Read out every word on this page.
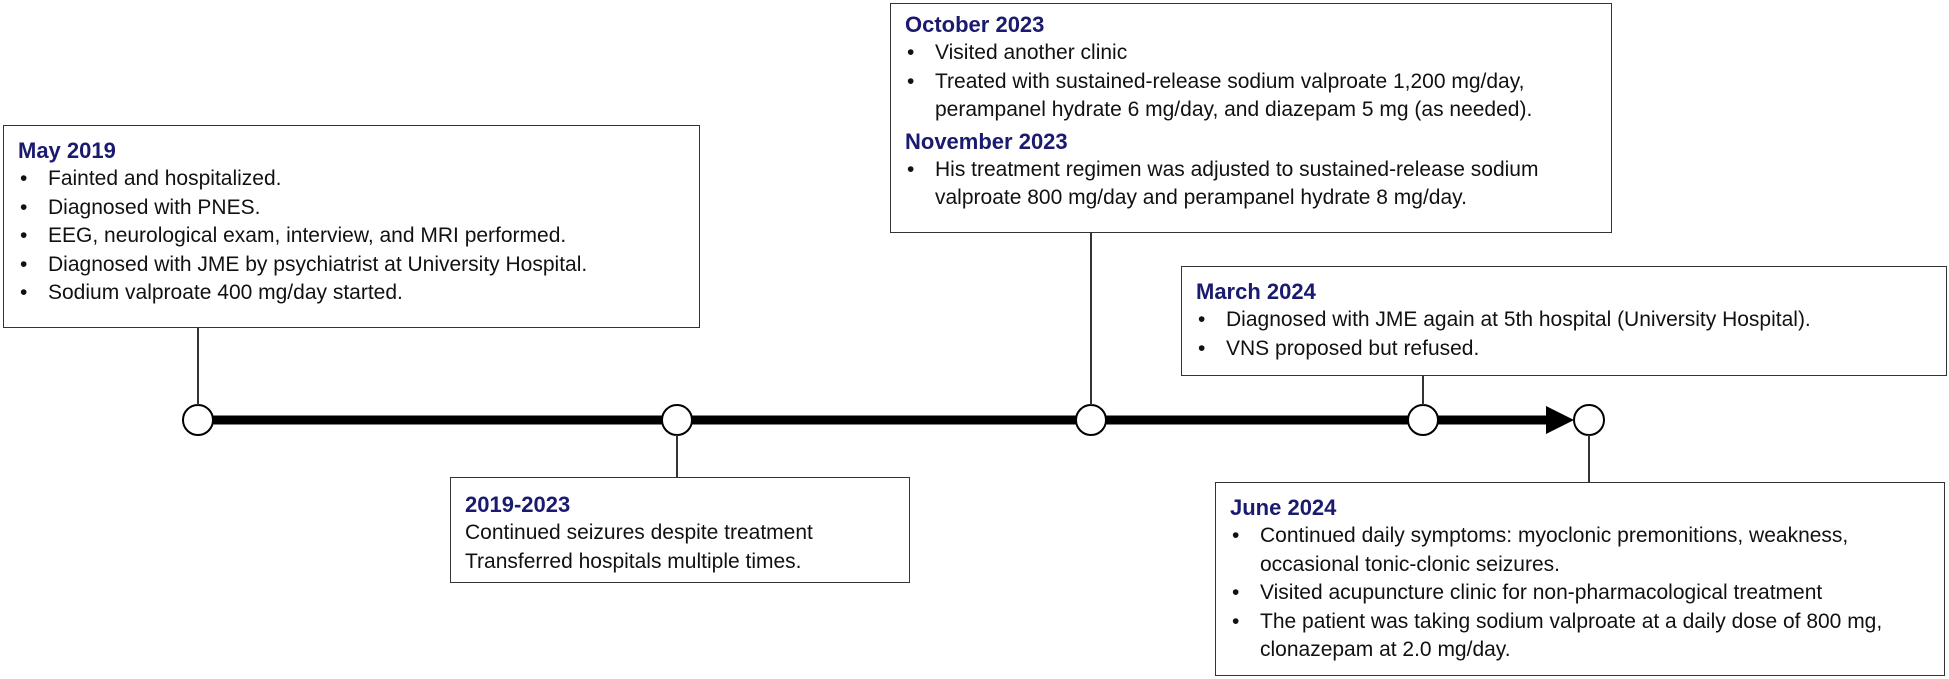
May 2019
• Fainted and hospitalized.
• Diagnosed with PNES.
• EEG, neurological exam, interview, and MRI performed.
• Diagnosed with JME by psychiatrist at University Hospital.
• Sodium valproate 400 mg/day started.
2019-2023
Continued seizures despite treatment
Transferred hospitals multiple times.
October 2023
• Visited another clinic
• Treated with sustained-release sodium valproate 1,200 mg/day, perampanel hydrate 6 mg/day, and diazepam 5 mg (as needed).
November 2023
• His treatment regimen was adjusted to sustained-release sodium valproate 800 mg/day and perampanel hydrate 8 mg/day.
March 2024
• Diagnosed with JME again at 5th hospital (University Hospital).
• VNS proposed but refused.
June 2024
• Continued daily symptoms: myoclonic premonitions, weakness, occasional tonic-clonic seizures.
• Visited acupuncture clinic for non-pharmacological treatment
• The patient was taking sodium valproate at a daily dose of 800 mg, clonazepam at 2.0 mg/day.
